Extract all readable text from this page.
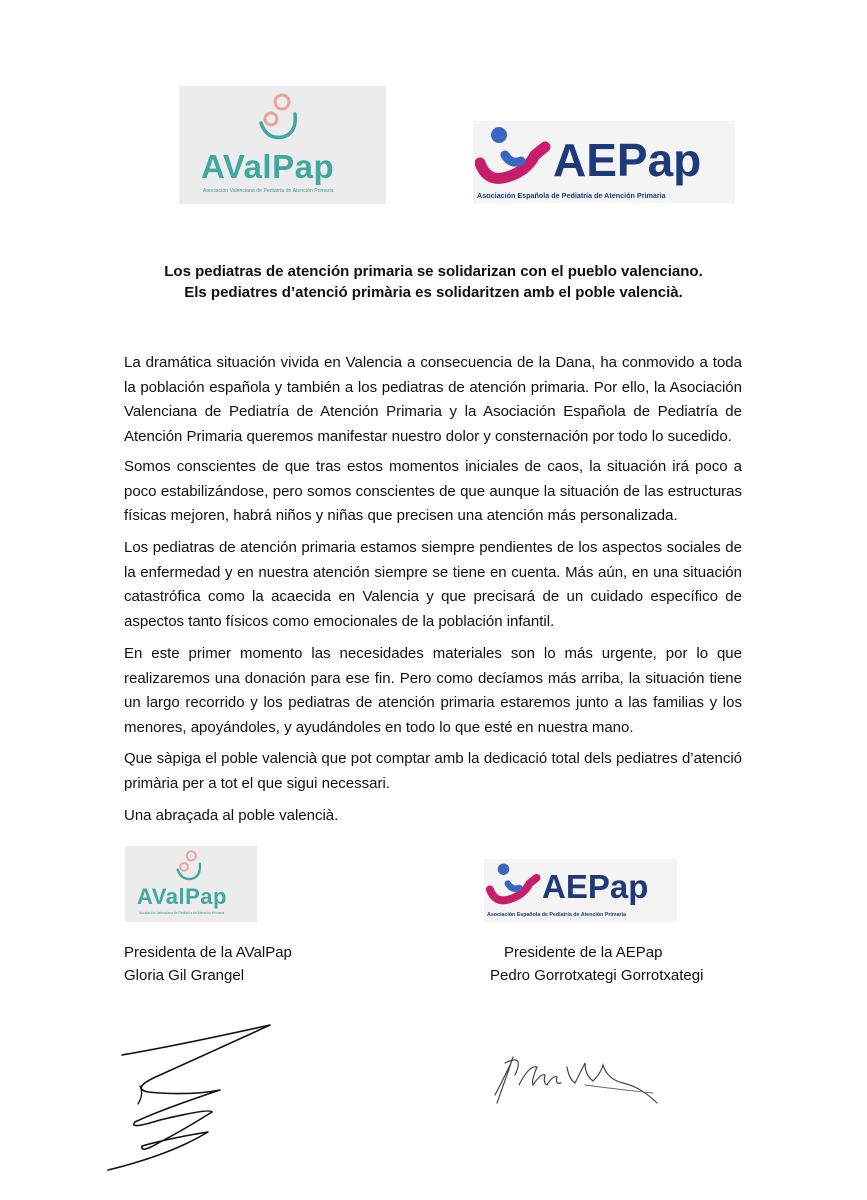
AValPap
Asociación Valenciana de Pediatría de Atención Primaria
AEPap
Asociación Española de Pediatría de Atención Primaria
Los pediatras de atención primaria se solidarizan con el pueblo valenciano.
Els pediatres d’atenció primària es solidaritzen amb el poble valencià.
La dramática situación vivida en Valencia a consecuencia de la Dana, ha conmovido a toda la población española y también a los pediatras de atención primaria. Por ello, la Asociación Valenciana de Pediatría de Atención Primaria y la Asociación Española de Pediatría de Atención Primaria queremos manifestar nuestro dolor y consternación por todo lo sucedido.
Somos conscientes de que tras estos momentos iniciales de caos, la situación irá poco a poco estabilizándose, pero somos conscientes de que aunque la situación de las estructuras físicas mejoren, habrá niños y niñas que precisen una atención más personalizada.
Los pediatras de atención primaria estamos siempre pendientes de los aspectos sociales de la enfermedad y en nuestra atención siempre se tiene en cuenta. Más aún, en una situación catastrófica como la acaecida en Valencia y que precisará de un cuidado específico de aspectos tanto físicos como emocionales de la población infantil.
En este primer momento las necesidades materiales son lo más urgente, por lo que realizaremos una donación para ese fin. Pero como decíamos más arriba, la situación tiene un largo recorrido y los pediatras de atención primaria estaremos junto a las familias y los menores, apoyándoles, y ayudándoles en todo lo que esté en nuestra mano.
Que sàpiga el poble valencià que pot comptar amb la dedicació total dels pediatres d’atenció primària per a tot el que sigui necessari.
Una abraçada al poble valencià.
AValPap
Asociación Valenciana de Pediatría de Atención Primaria
AEPap
Asociación Española de Pediatría de Atención Primaria
Presidenta de la AValPap
Gloria Gil Grangel
Presidente de la AEPap
Pedro Gorrotxategi Gorrotxategi
